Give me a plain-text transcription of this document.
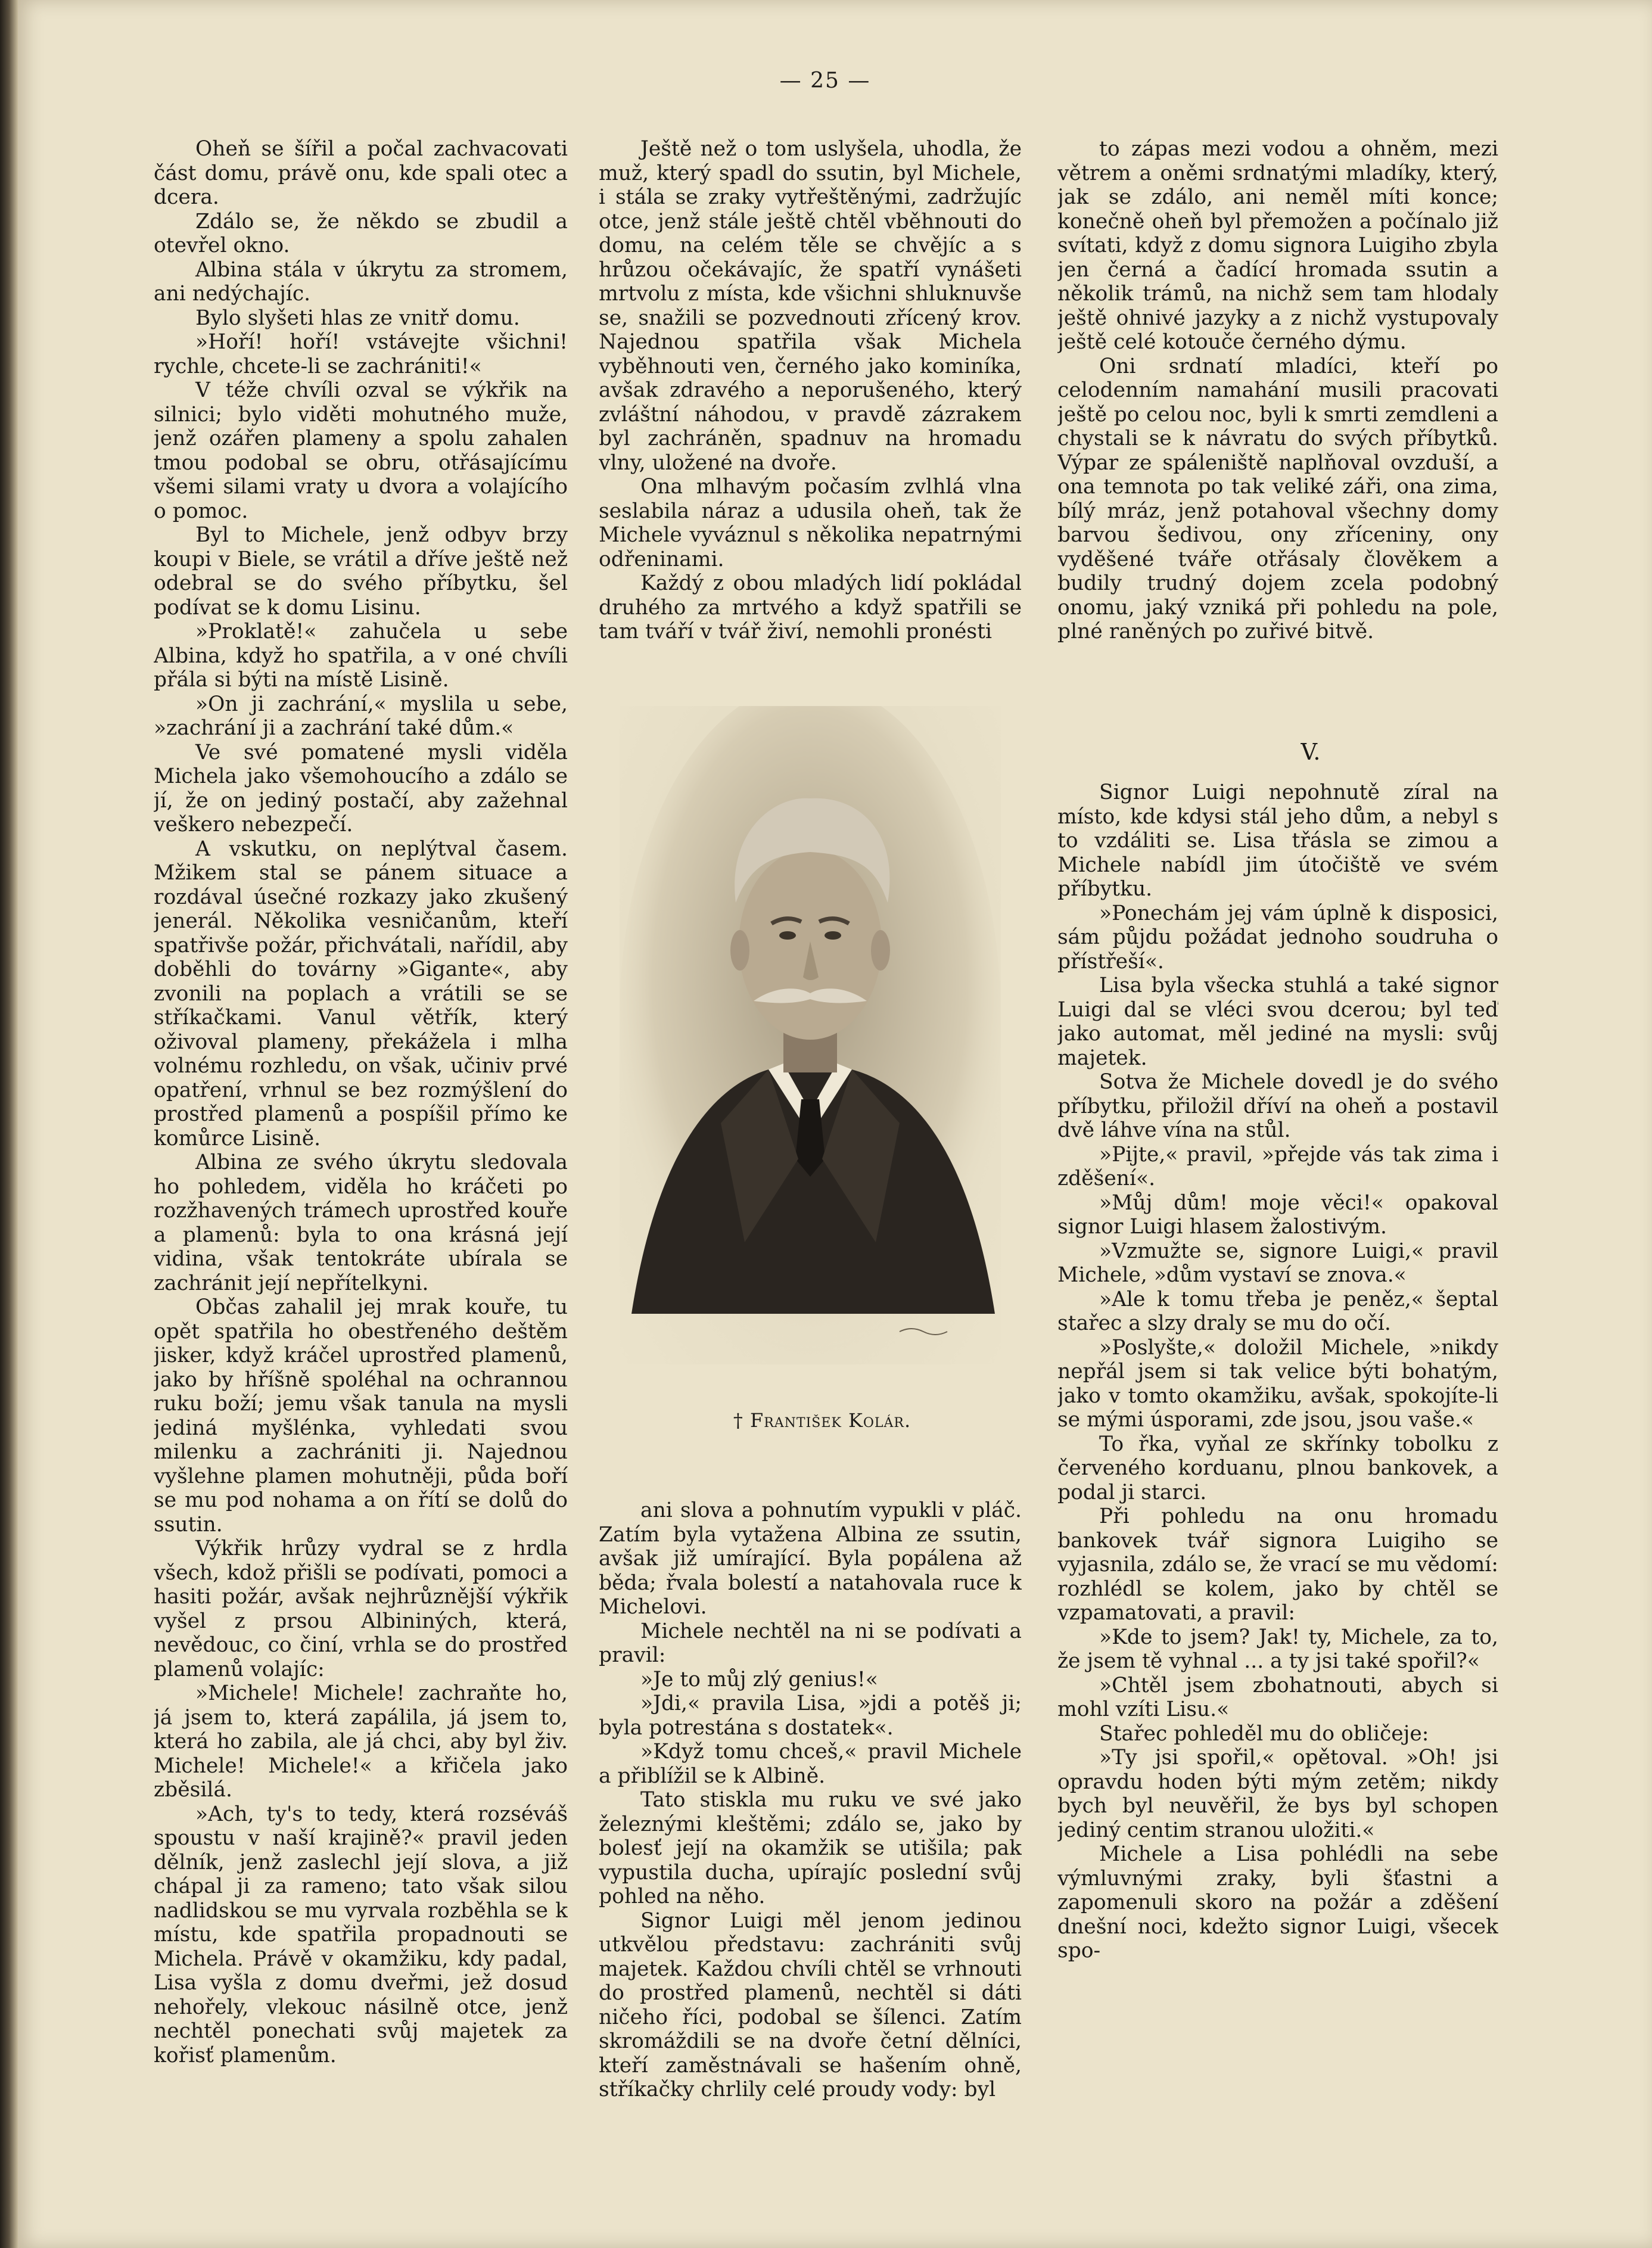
— 25 —

Oheň se šířil a počal zachvacovati část domu, právě onu, kde spali otec a dcera.

Zdálo se, že někdo se zbudil a otevřel okno.

Albina stála v úkrytu za stromem, ani nedýchajíc.

Bylo slyšeti hlas ze vnitř domu.

»Hoří! hoří! vstávejte všichni! rychle, chcete-li se zachrániti!«

V téže chvíli ozval se výkřik na silnici; bylo viděti mohutného muže, jenž ozářen plameny a spolu zahalen tmou podobal se obru, otřásajícímu všemi silami vraty u dvora a volajícího o pomoc.

Byl to Michele, jenž odbyv brzy koupi v Biele, se vrátil a dříve ještě než odebral se do svého příbytku, šel podívat se k domu Lisinu.

»Proklatě!« zahučela u sebe Albina, když ho spatřila, a v oné chvíli přála si býti na místě Lisině.

»On ji zachrání,« myslila u sebe, »zachrání ji a zachrání také dům.«

Ve své pomatené mysli viděla Michela jako všemohoucího a zdálo se jí, že on jediný postačí, aby zažehnal veškero nebezpečí.

A vskutku, on neplýtval časem. Mžikem stal se pánem situace a rozdával úsečné rozkazy jako zkušený jenerál. Několika vesničanům, kteří spatřivše požár, přichvátali, nařídil, aby doběhli do továrny »Gigante«, aby zvonili na poplach a vrátili se se stříkačkami. Vanul větřík, který oživoval plameny, překážela i mlha volnému rozhledu, on však, učiniv prvé opatření, vrhnul se bez rozmýšlení do prostřed plamenů a pospíšil přímo ke komůrce Lisině.

Albina ze svého úkrytu sledovala ho pohledem, viděla ho kráčeti po rozžhavených trámech uprostřed kouře a plamenů: byla to ona krásná její vidina, však tentokráte ubírala se zachránit její nepřítelkyni.

Občas zahalil jej mrak kouře, tu opět spatřila ho obestřeného deštěm jisker, když kráčel uprostřed plamenů, jako by hříšně spoléhal na ochrannou ruku boží; jemu však tanula na mysli jediná myšlénka, vyhledati svou milenku a zachrániti ji. Najednou vyšlehne plamen mohutněji, půda boří se mu pod nohama a on řítí se dolů do ssutin.

Výkřik hrůzy vydral se z hrdla všech, kdož přišli se podívati, pomoci a hasiti požár, avšak nejhrůznější výkřik vyšel z prsou Albininých, která, nevědouc, co činí, vrhla se do prostřed plamenů volajíc:

»Michele! Michele! zachraňte ho, já jsem to, která zapálila, já jsem to, která ho zabila, ale já chci, aby byl živ. Michele! Michele!« a křičela jako zběsilá.

»Ach, ty's to tedy, která rozséváš spoustu v naší krajině?« pravil jeden dělník, jenž zaslechl její slova, a již chápal ji za rameno; tato však silou nadlidskou se mu vyrvala rozběhla se k místu, kde spatřila propadnouti se Michela. Právě v okamžiku, kdy padal, Lisa vyšla z domu dveřmi, jež dosud nehořely, vlekouc násilně otce, jenž nechtěl ponechati svůj majetek za kořisť plamenům.

Ještě než o tom uslyšela, uhodla, že muž, který spadl do ssutin, byl Michele, i stála se zraky vytřeštěnými, zadržujíc otce, jenž stále ještě chtěl vběhnouti do domu, na celém těle se chvějíc a s hrůzou očekávajíc, že spatří vynášeti mrtvolu z místa, kde všichni shluknuvše se, snažili se pozvednouti zřícený krov. Najednou spatřila však Michela vyběhnouti ven, černého jako kominíka, avšak zdravého a neporušeného, který zvláštní náhodou, v pravdě zázrakem byl zachráněn, spadnuv na hromadu vlny, uložené na dvoře.

Ona mlhavým počasím zvlhlá vlna seslabila náraz a udusila oheň, tak že Michele vyváznul s několika nepatrnými odřeninami.

Každý z obou mladých lidí pokládal druhého za mrtvého a když spatřili se tam tváří v tvář živí, nemohli pronésti

† František Kolár.

ani slova a pohnutím vypukli v pláč. Zatím byla vytažena Albina ze ssutin, avšak již umírající. Byla popálena až běda; řvala bolestí a natahovala ruce k Michelovi.

Michele nechtěl na ni se podívati a pravil:

»Je to můj zlý genius!«

»Jdi,« pravila Lisa, »jdi a potěš ji; byla potrestána s dostatek«.

»Když tomu chceš,« pravil Michele a přiblížil se k Albině.

Tato stiskla mu ruku ve své jako železnými kleštěmi; zdálo se, jako by bolesť její na okamžik se utišila; pak vypustila ducha, upírajíc poslední svůj pohled na něho.

Signor Luigi měl jenom jedinou utkvělou představu: zachrániti svůj majetek. Každou chvíli chtěl se vrhnouti do prostřed plamenů, nechtěl si dáti ničeho říci, podobal se šílenci. Zatím skromáždili se na dvoře četní dělníci, kteří zaměstnávali se hašením ohně, stříkačky chrlily celé proudy vody: byl

to zápas mezi vodou a ohněm, mezi větrem a oněmi srdnatými mladíky, který, jak se zdálo, ani neměl míti konce; konečně oheň byl přemožen a počínalo již svítati, když z domu signora Luigiho zbyla jen černá a čadící hromada ssutin a několik trámů, na nichž sem tam hlodaly ještě ohnivé jazyky a z nichž vystupovaly ještě celé kotouče černého dýmu.

Oni srdnatí mladíci, kteří po celodenním namahání musili pracovati ještě po celou noc, byli k smrti zemdleni a chystali se k návratu do svých příbytků. Výpar ze spáleniště naplňoval ovzduší, a ona temnota po tak veliké záři, ona zima, bílý mráz, jenž potahoval všechny domy barvou šedivou, ony zříceniny, ony vyděšené tváře otřásaly člověkem a budily trudný dojem zcela podobný onomu, jaký vzniká při pohledu na pole, plné raněných po zuřivé bitvě.

V.

Signor Luigi nepohnutě zíral na místo, kde kdysi stál jeho dům, a nebyl s to vzdáliti se. Lisa třásla se zimou a Michele nabídl jim útočiště ve svém příbytku.

»Ponechám jej vám úplně k disposici, sám půjdu požádat jednoho soudruha o přístřeší«.

Lisa byla všecka stuhlá a také signor Luigi dal se vléci svou dcerou; byl teď jako automat, měl jediné na mysli: svůj majetek.

Sotva že Michele dovedl je do svého příbytku, přiložil dříví na oheň a postavil dvě láhve vína na stůl.

»Pijte,« pravil, »přejde vás tak zima i zděšení«.

»Můj dům! moje věci!« opakoval signor Luigi hlasem žalostivým.

»Vzmužte se, signore Luigi,« pravil Michele, »dům vystaví se znova.«

»Ale k tomu třeba je peněz,« šeptal stařec a slzy draly se mu do očí.

»Poslyšte,« doložil Michele, »nikdy nepřál jsem si tak velice býti bohatým, jako v tomto okamžiku, avšak, spokojíte-li se mými úsporami, zde jsou, jsou vaše.«

To řka, vyňal ze skřínky tobolku z červeného korduanu, plnou bankovek, a podal ji starci.

Při pohledu na onu hromadu bankovek tvář signora Luigiho se vyjasnila, zdálo se, že vrací se mu vědomí: rozhlédl se kolem, jako by chtěl se vzpamatovati, a pravil:

»Kde to jsem? Jak! ty, Michele, za to, že jsem tě vyhnal ... a ty jsi také spořil?«

»Chtěl jsem zbohatnouti, abych si mohl vzíti Lisu.«

Stařec pohleděl mu do obličeje:

»Ty jsi spořil,« opětoval. »Oh! jsi opravdu hoden býti mým zetěm; nikdy bych byl neuvěřil, že bys byl schopen jediný centim stranou uložiti.«

Michele a Lisa pohlédli na sebe výmluvnými zraky, byli šťastni a zapomenuli skoro na požár a zděšení dnešní noci, kdežto signor Luigi, všecek spo-
